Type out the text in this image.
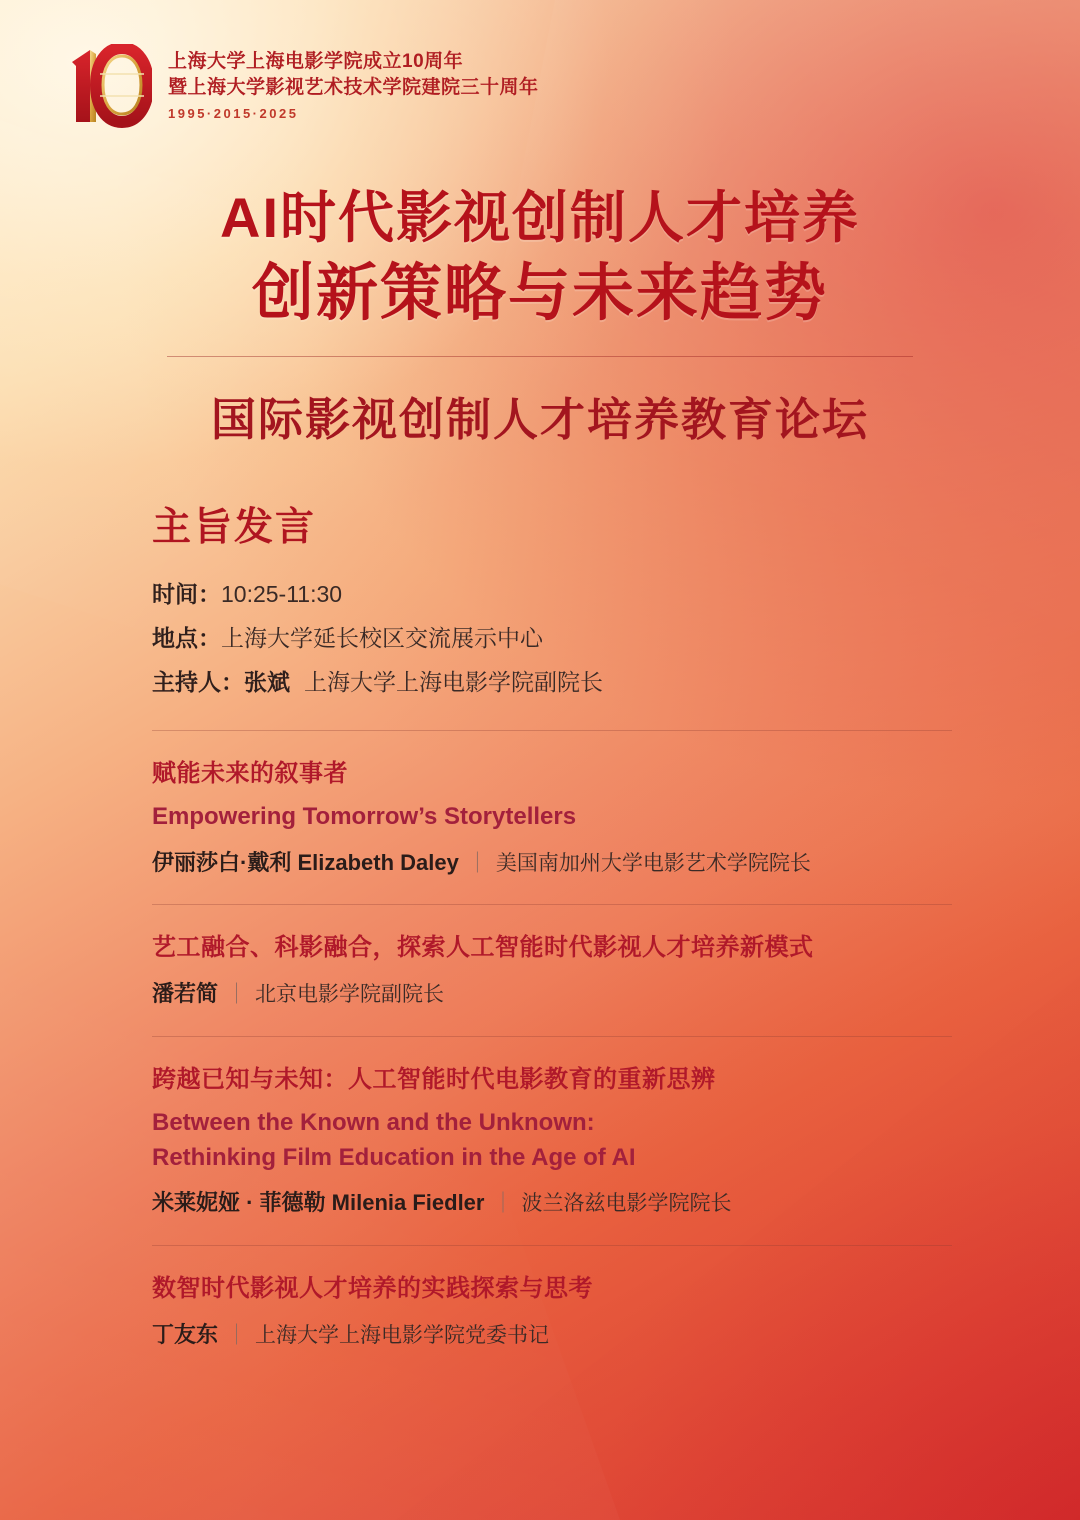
上海大学上海电影学院成立10周年
暨上海大学影视艺术技术学院建院三十周年
1995·2015·2025
AI时代影视创制人才培养
创新策略与未来趋势
国际影视创制人才培养教育论坛
主旨发言
时间：10:25-11:30
地点：上海大学延长校区交流展示中心
主持人：张斌 上海大学上海电影学院副院长
赋能未来的叙事者
Empowering Tomorrow’s Storytellers
伊丽莎白·戴利 Elizabeth Daley ｜ 美国南加州大学电影艺术学院院长
艺工融合、科影融合，探索人工智能时代影视人才培养新模式
潘若简 ｜ 北京电影学院副院长
跨越已知与未知：人工智能时代电影教育的重新思辨
Between the Known and the Unknown:
Rethinking Film Education in the Age of AI
米莱妮娅 · 菲德勒 Milenia Fiedler ｜ 波兰洛兹电影学院院长
数智时代影视人才培养的实践探索与思考
丁友东 ｜ 上海大学上海电影学院党委书记
